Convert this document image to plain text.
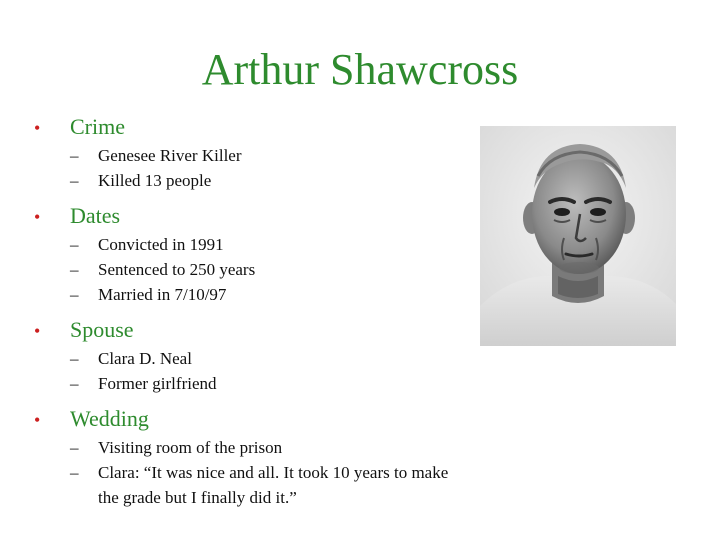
Arthur Shawcross
•	Crime
–	Genesee River Killer
–	Killed 13 people
•	Dates
–	Convicted in 1991
–	Sentenced to 250 years
–	Married in 7/10/97
•	Spouse
–	Clara D. Neal
–	Former girlfriend
•	Wedding
–	Visiting room of the prison
–	Clara: “It was nice and all. It took 10 years to make the grade but I finally did it.”
